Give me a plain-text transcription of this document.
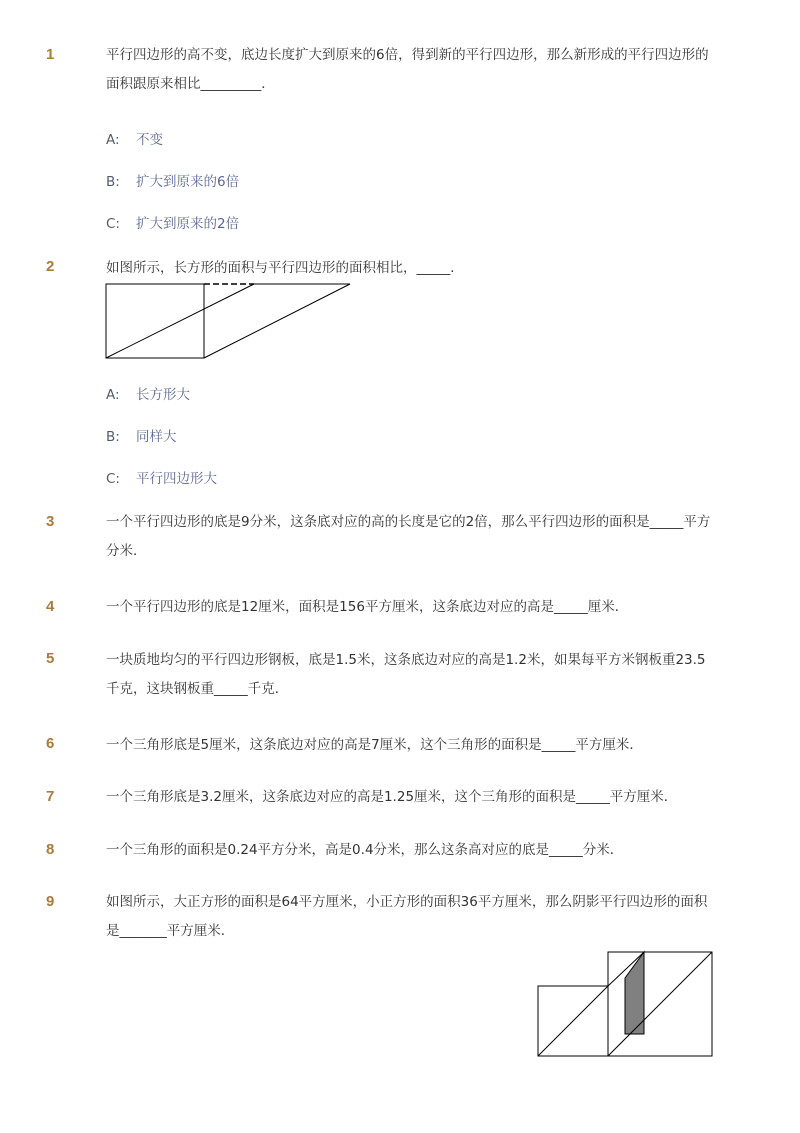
1	平行四边形的高不变，底边长度扩大到原来的6倍，得到新的平行四边形，那么新形成的平行四边形的面积跟原来相比_________．

A: 不变
B: 扩大到原来的6倍
C: 扩大到原来的2倍
2	如图所示，长方形的面积与平行四边形的面积相比，_____．

A: 长方形大
B: 同样大
C: 平行四边形大
3	一个平行四边形的底是9分米，这条底对应的高的长度是它的2倍，那么平行四边形的面积是_____平方分米．

4	一个平行四边形的底是12厘米，面积是156平方厘米，这条底边对应的高是_____厘米．

5	一块质地均匀的平行四边形钢板，底是1.5米，这条底边对应的高是1.2米，如果每平方米钢板重23.5千克，这块钢板重_____千克．

6	一个三角形底是5厘米，这条底边对应的高是7厘米，这个三角形的面积是_____平方厘米．

7	一个三角形底是3.2厘米，这条底边对应的高是1.25厘米，这个三角形的面积是_____平方厘米．

8	一个三角形的面积是0.24平方分米，高是0.4分米，那么这条高对应的底是_____分米．

9	如图所示，大正方形的面积是64平方厘米，小正方形的面积36平方厘米，那么阴影平行四边形的面积是_______平方厘米．
